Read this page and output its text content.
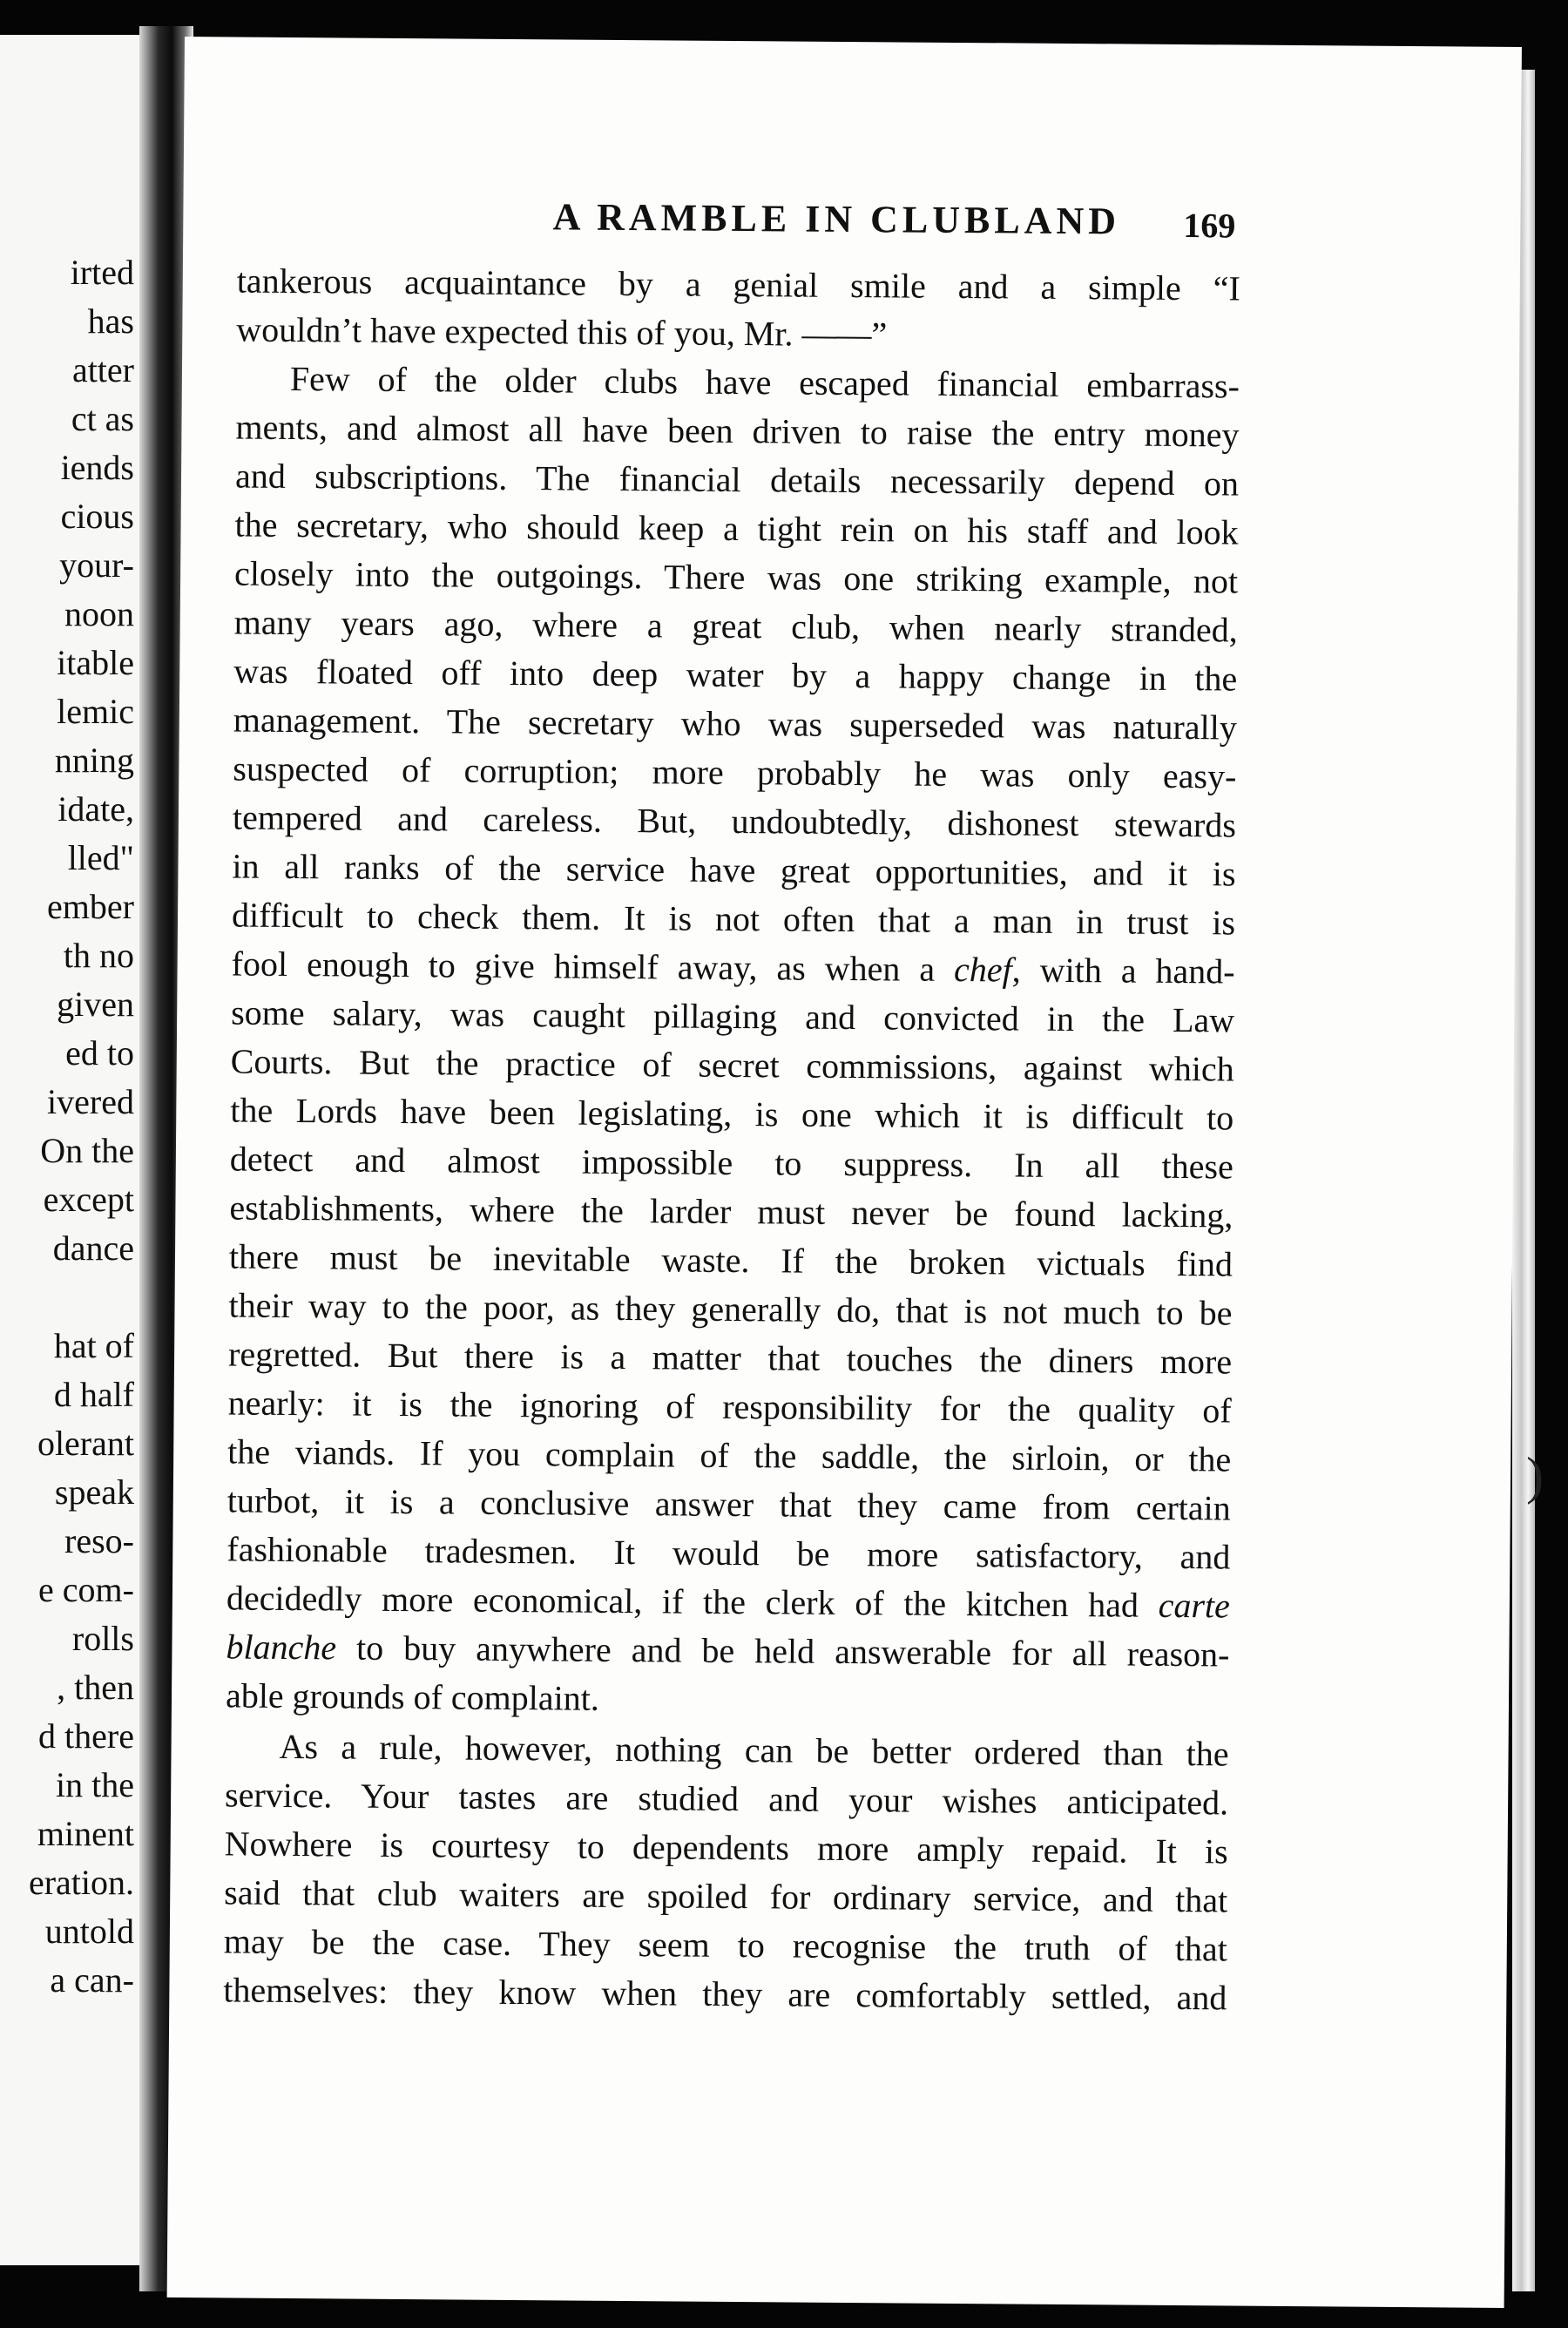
irted
has
atter
ct as
iends
cious
your-
noon
itable
lemic
nning
idate,
lled"
ember
th no
given
ed to
ivered
On the
except
dance
hat of
d half
olerant
speak
reso-
e com-
rolls
, then
d there
in the
minent
eration.
untold
a can-
A RAMBLE IN CLUBLAND	169
tankerous acquaintance by a genial smile and a simple “I
wouldn’t have expected this of you, Mr. ——”
Few of the older clubs have escaped financial embarrass-
ments, and almost all have been driven to raise the entry money
and subscriptions. The financial details necessarily depend on
the secretary, who should keep a tight rein on his staff and look
closely into the outgoings. There was one striking example, not
many years ago, where a great club, when nearly stranded,
was floated off into deep water by a happy change in the
management. The secretary who was superseded was naturally
suspected of corruption; more probably he was only easy-
tempered and careless. But, undoubtedly, dishonest stewards
in all ranks of the service have great opportunities, and it is
difficult to check them. It is not often that a man in trust is
fool enough to give himself away, as when a chef, with a hand-
some salary, was caught pillaging and convicted in the Law
Courts. But the practice of secret commissions, against which
the Lords have been legislating, is one which it is difficult to
detect and almost impossible to suppress. In all these
establishments, where the larder must never be found lacking,
there must be inevitable waste. If the broken victuals find
their way to the poor, as they generally do, that is not much to be
regretted. But there is a matter that touches the diners more
nearly: it is the ignoring of responsibility for the quality of
the viands. If you complain of the saddle, the sirloin, or the
turbot, it is a conclusive answer that they came from certain
fashionable tradesmen. It would be more satisfactory, and
decidedly more economical, if the clerk of the kitchen had carte
blanche to buy anywhere and be held answerable for all reason-
able grounds of complaint.
As a rule, however, nothing can be better ordered than the
service. Your tastes are studied and your wishes anticipated.
Nowhere is courtesy to dependents more amply repaid. It is
said that club waiters are spoiled for ordinary service, and that
may be the case. They seem to recognise the truth of that
themselves: they know when they are comfortably settled, and
)
